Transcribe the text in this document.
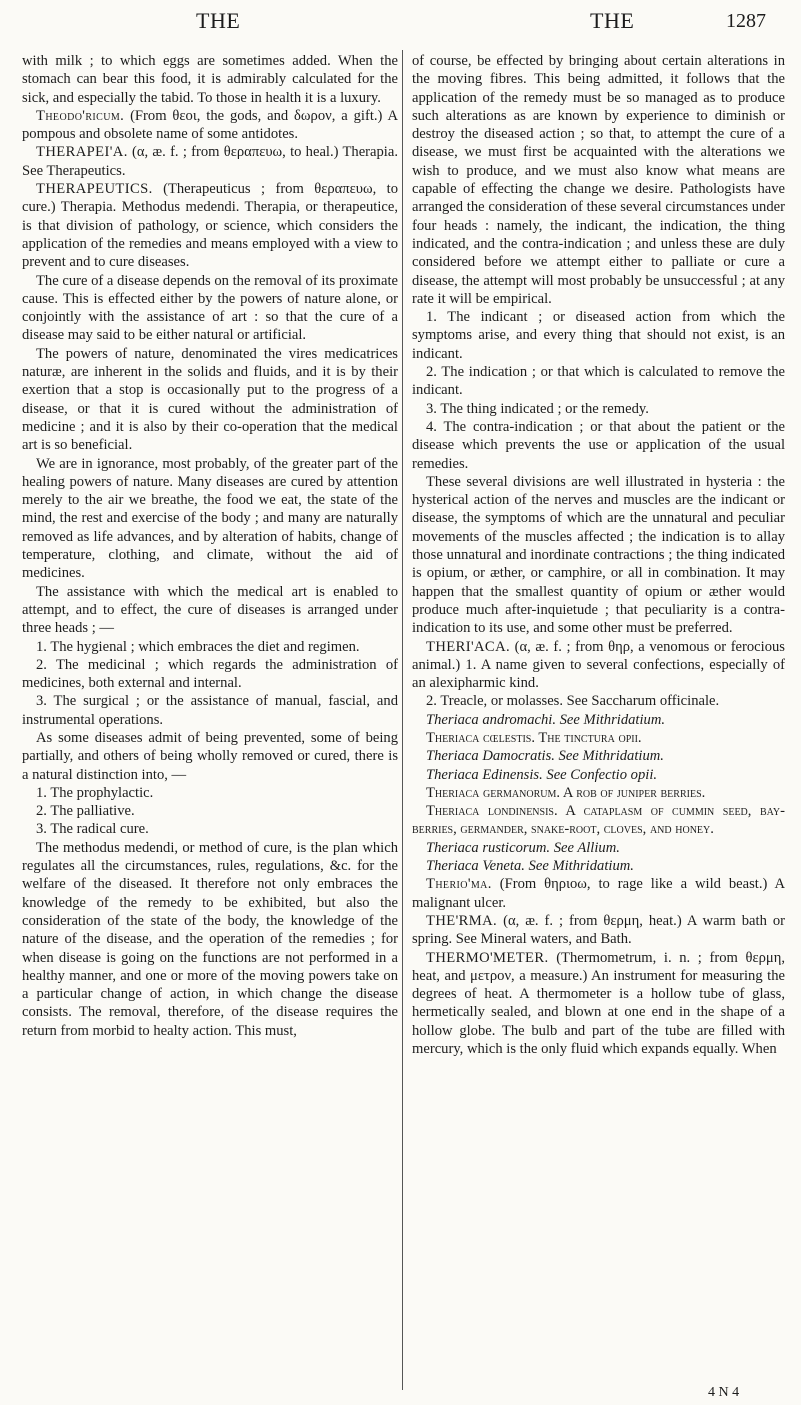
THE	THE	1287

with milk ; to which eggs are sometimes added. When the stomach can bear this food, it is admirably calculated for the sick, and especially the tabid. To those in health it is a luxury.

Theodo'ricum. (From θεοι, the gods, and δωρον, a gift.) A pompous and obsolete name of some antidotes.

THERAPEI'A. (α, æ. f. ; from θεραπευω, to heal.) Therapia. See Therapeutics.

THERAPEUTICS. (Therapeuticus ; from θεραπευω, to cure.) Therapia. Methodus medendi. Therapia, or therapeutice, is that division of pathology, or science, which considers the application of the remedies and means employed with a view to prevent and to cure diseases.

The cure of a disease depends on the removal of its proximate cause. This is effected either by the powers of nature alone, or conjointly with the assistance of art : so that the cure of a disease may said to be either natural or artificial.

The powers of nature, denominated the vires medicatrices naturæ, are inherent in the solids and fluids, and it is by their exertion that a stop is occasionally put to the progress of a disease, or that it is cured without the administration of medicine ; and it is also by their co-operation that the medical art is so beneficial.

We are in ignorance, most probably, of the greater part of the healing powers of nature. Many diseases are cured by attention merely to the air we breathe, the food we eat, the state of the mind, the rest and exercise of the body ; and many are naturally removed as life advances, and by alteration of habits, change of temperature, clothing, and climate, without the aid of medicines.

The assistance with which the medical art is enabled to attempt, and to effect, the cure of diseases is arranged under three heads ; —

1. The hygienal ; which embraces the diet and regimen.

2. The medicinal ; which regards the administration of medicines, both external and internal.

3. The surgical ; or the assistance of manual, fascial, and instrumental operations.

As some diseases admit of being prevented, some of being partially, and others of being wholly removed or cured, there is a natural distinction into, —

1. The prophylactic.

2. The palliative.

3. The radical cure.

The methodus medendi, or method of cure, is the plan which regulates all the circumstances, rules, regulations, &c. for the welfare of the diseased. It therefore not only embraces the knowledge of the remedy to be exhibited, but also the consideration of the state of the body, the knowledge of the nature of the disease, and the operation of the remedies ; for when disease is going on the functions are not performed in a healthy manner, and one or more of the moving powers take on a particular change of action, in which change the disease consists. The removal, therefore, of the disease requires the return from morbid to healty action. This must,

of course, be effected by bringing about certain alterations in the moving fibres. This being admitted, it follows that the application of the remedy must be so managed as to produce such alterations as are known by experience to diminish or destroy the diseased action ; so that, to attempt the cure of a disease, we must first be acquainted with the alterations we wish to produce, and we must also know what means are capable of effecting the change we desire. Pathologists have arranged the consideration of these several circumstances under four heads : namely, the indicant, the indication, the thing indicated, and the contra-indication ; and unless these are duly considered before we attempt either to palliate or cure a disease, the attempt will most probably be unsuccessful ; at any rate it will be empirical.

1. The indicant ; or diseased action from which the symptoms arise, and every thing that should not exist, is an indicant.

2. The indication ; or that which is calculated to remove the indicant.

3. The thing indicated ; or the remedy.

4. The contra-indication ; or that about the patient or the disease which prevents the use or application of the usual remedies.

These several divisions are well illustrated in hysteria : the hysterical action of the nerves and muscles are the indicant or disease, the symptoms of which are the unnatural and peculiar movements of the muscles affected ; the indication is to allay those unnatural and inordinate contractions ; the thing indicated is opium, or æther, or camphire, or all in combination. It may happen that the smallest quantity of opium or æther would produce much after-inquietude ; that peculiarity is a contra-indication to its use, and some other must be preferred.

THERI'ACA. (α, æ. f. ; from θηρ, a venomous or ferocious animal.) 1. A name given to several confections, especially of an alexipharmic kind.

2. Treacle, or molasses. See Saccharum officinale.

Theriaca andromachi. See Mithridatium.

Theriaca cœlestis. The tinctura opii.

Theriaca Damocratis. See Mithridatium.

Theriaca Edinensis. See Confectio opii.

Theriaca germanorum. A rob of juniper berries.

Theriaca londinensis. A cataplasm of cummin seed, bay-berries, germander, snake-root, cloves, and honey.

Theriaca rusticorum. See Allium.

Theriaca Veneta. See Mithridatium.

Therio'ma. (From θηριοω, to rage like a wild beast.) A malignant ulcer.

THE'RMA. (α, æ. f. ; from θερμη, heat.) A warm bath or spring. See Mineral waters, and Bath.

THERMO'METER. (Thermometrum, i. n. ; from θερμη, heat, and μετρον, a measure.) An instrument for measuring the degrees of heat. A thermometer is a hollow tube of glass, hermetically sealed, and blown at one end in the shape of a hollow globe. The bulb and part of the tube are filled with mercury, which is the only fluid which expands equally. When

4 N 4
